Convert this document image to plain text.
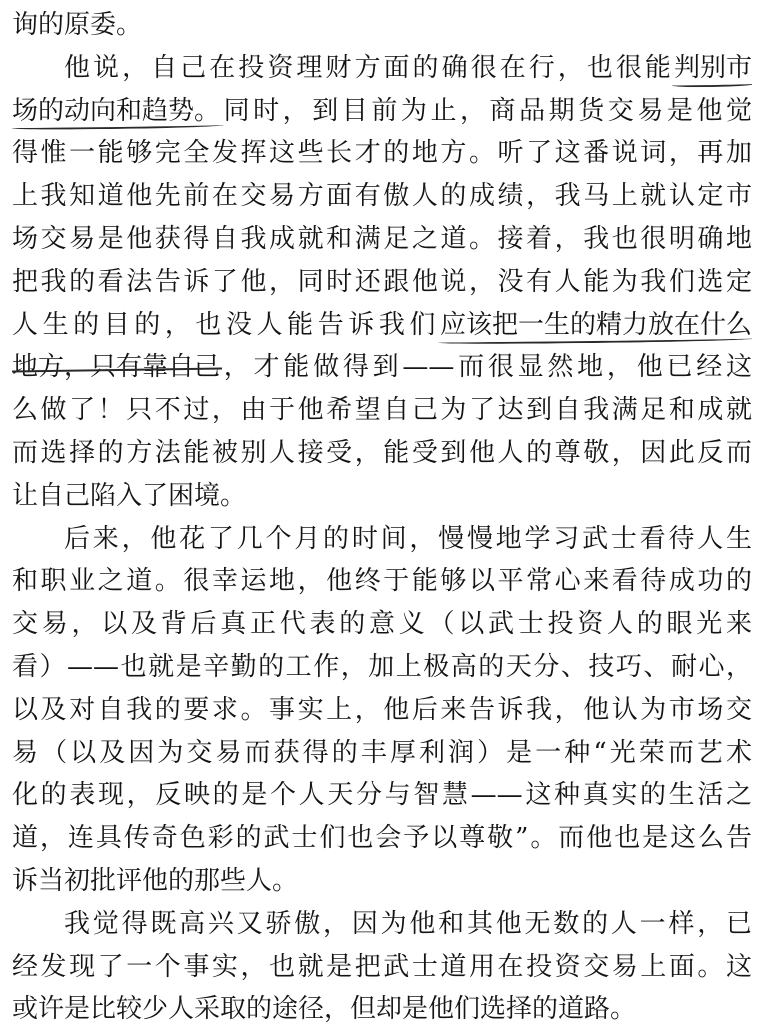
询的原委。
他说，自己在投资理财方面的确很在行，也很能判别市
场的动向和趋势。同时，到目前为止，商品期货交易是他觉
得惟一能够完全发挥这些长才的地方。听了这番说词，再加
上我知道他先前在交易方面有傲人的成绩，我马上就认定市
场交易是他获得自我成就和满足之道。接着，我也很明确地
把我的看法告诉了他，同时还跟他说，没有人能为我们选定
人生的目的，也没人能告诉我们应该把一生的精力放在什么
地方，只有靠自己，才能做得到——而很显然地，他已经这
么做了！只不过，由于他希望自己为了达到自我满足和成就
而选择的方法能被别人接受，能受到他人的尊敬，因此反而
让自己陷入了困境。
后来，他花了几个月的时间，慢慢地学习武士看待人生
和职业之道。很幸运地，他终于能够以平常心来看待成功的
交易，以及背后真正代表的意义（以武士投资人的眼光来
看）——也就是辛勤的工作，加上极高的天分、技巧、耐心，
以及对自我的要求。事实上，他后来告诉我，他认为市场交
易（以及因为交易而获得的丰厚利润）是一种“光荣而艺术
化的表现，反映的是个人天分与智慧——这种真实的生活之
道，连具传奇色彩的武士们也会予以尊敬”。而他也是这么告
诉当初批评他的那些人。
我觉得既高兴又骄傲，因为他和其他无数的人一样，已
经发现了一个事实，也就是把武士道用在投资交易上面。这
或许是比较少人采取的途径，但却是他们选择的道路。
